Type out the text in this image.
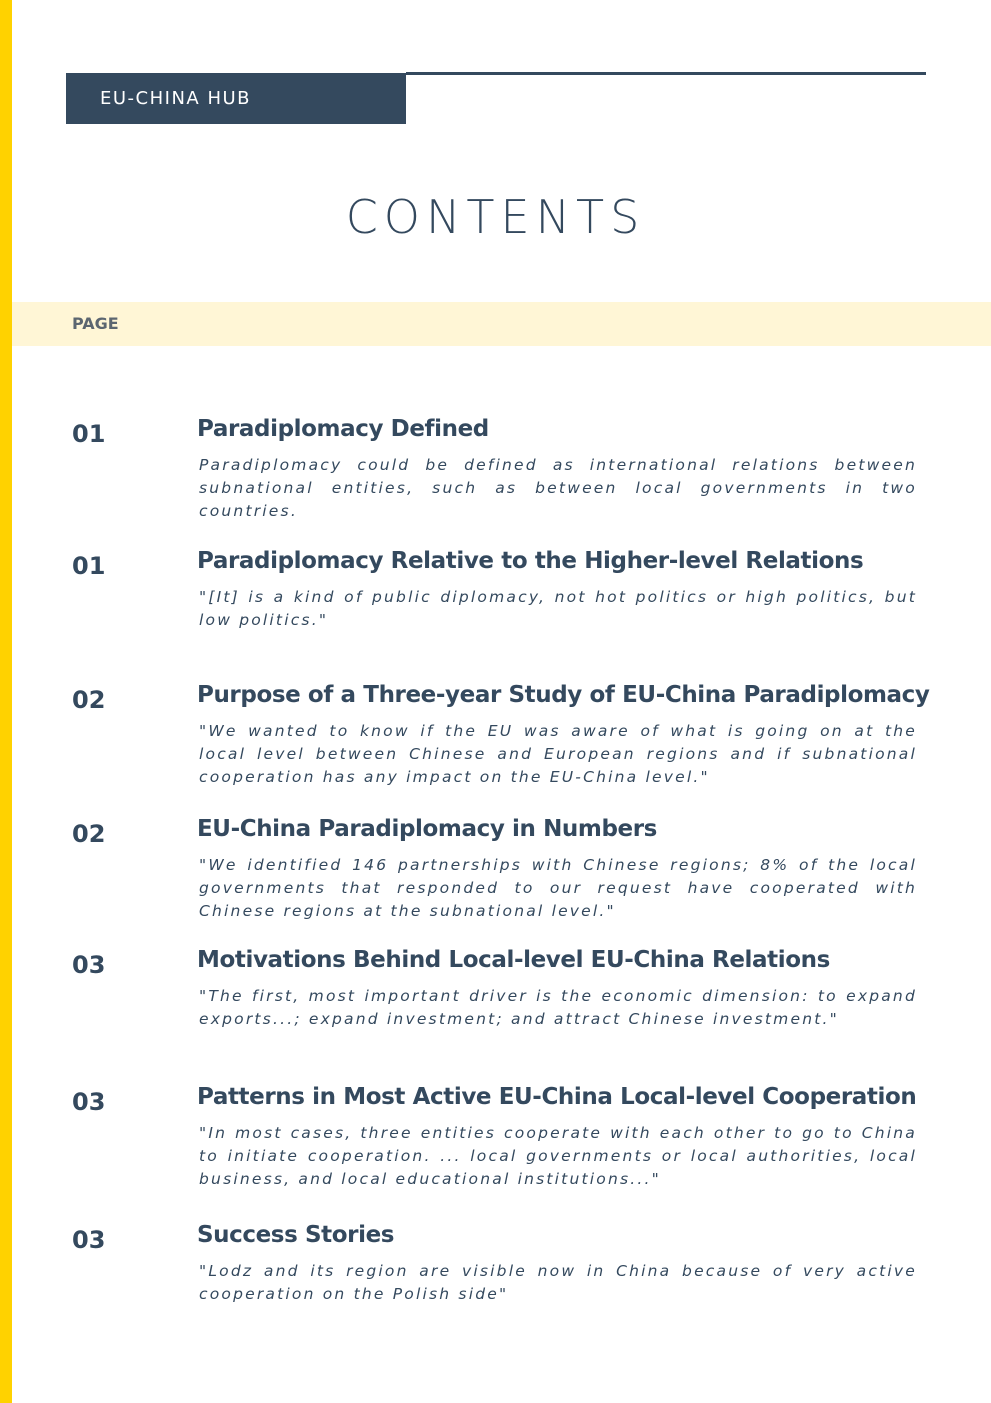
EU-CHINA HUB
CONTENTS
PAGE
01	Paradiplomacy Defined
Paradiplomacy could be defined as international relations between subnational entities, such as between local governments in two countries.
01	Paradiplomacy Relative to the Higher-level Relations
"[It] is a kind of public diplomacy, not hot politics or high politics, but low politics."
02	Purpose of a Three-year Study of EU-China Paradiplomacy
"We wanted to know if the EU was aware of what is going on at the local level between Chinese and European regions and if subnational cooperation has any impact on the EU-China level."
02	EU-China Paradiplomacy in Numbers
"We identified 146 partnerships with Chinese regions; 8% of the local governments that responded to our request have cooperated with Chinese regions at the subnational level."
03	Motivations Behind Local-level EU-China Relations
"The first, most important driver is the economic dimension: to expand exports...; expand investment; and attract Chinese investment."
03	Patterns in Most Active EU-China Local-level Cooperation
"In most cases, three entities cooperate with each other to go to China to initiate cooperation. ... local governments or local authorities, local business, and local educational institutions..."
03	Success Stories
"Lodz and its region are visible now in China because of very active cooperation on the Polish side"
